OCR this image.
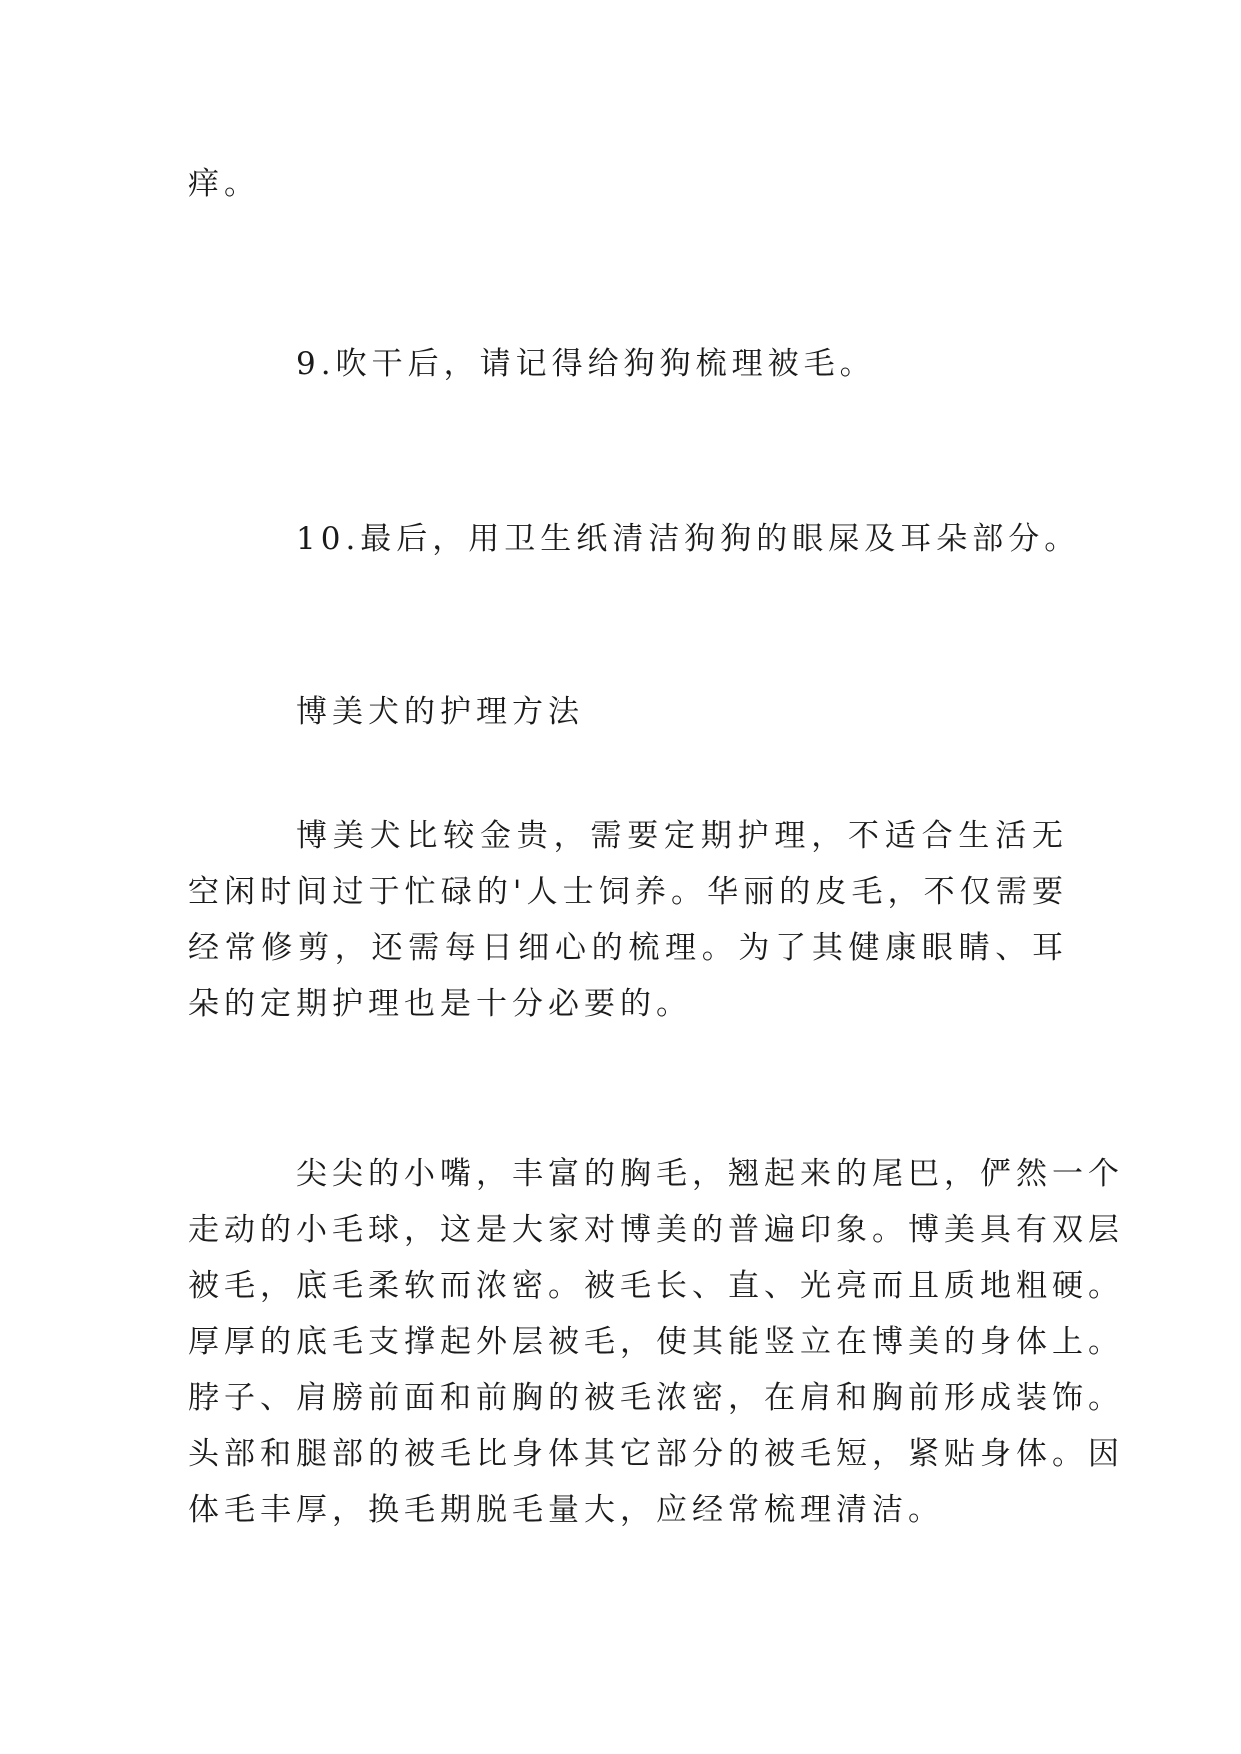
痒。

9.吹干后，请记得给狗狗梳理被毛。

10.最后，用卫生纸清洁狗狗的眼屎及耳朵部分。

博美犬的护理方法

博美犬比较金贵，需要定期护理，不适合生活无空闲时间过于忙碌的'人士饲养。华丽的皮毛，不仅需要经常修剪，还需每日细心的梳理。为了其健康眼睛、耳朵的定期护理也是十分必要的。

尖尖的小嘴，丰富的胸毛，翘起来的尾巴，俨然一个

走动的小毛球，这是大家对博美的普遍印象。博美具有双层

被毛，底毛柔软而浓密。被毛长、直、光亮而且质地粗硬。

厚厚的底毛支撑起外层被毛，使其能竖立在博美的身体上。

脖子、肩膀前面和前胸的被毛浓密，在肩和胸前形成装饰。

头部和腿部的被毛比身体其它部分的被毛短，紧贴身体。因

体毛丰厚，换毛期脱毛量大，应经常梳理清洁。
